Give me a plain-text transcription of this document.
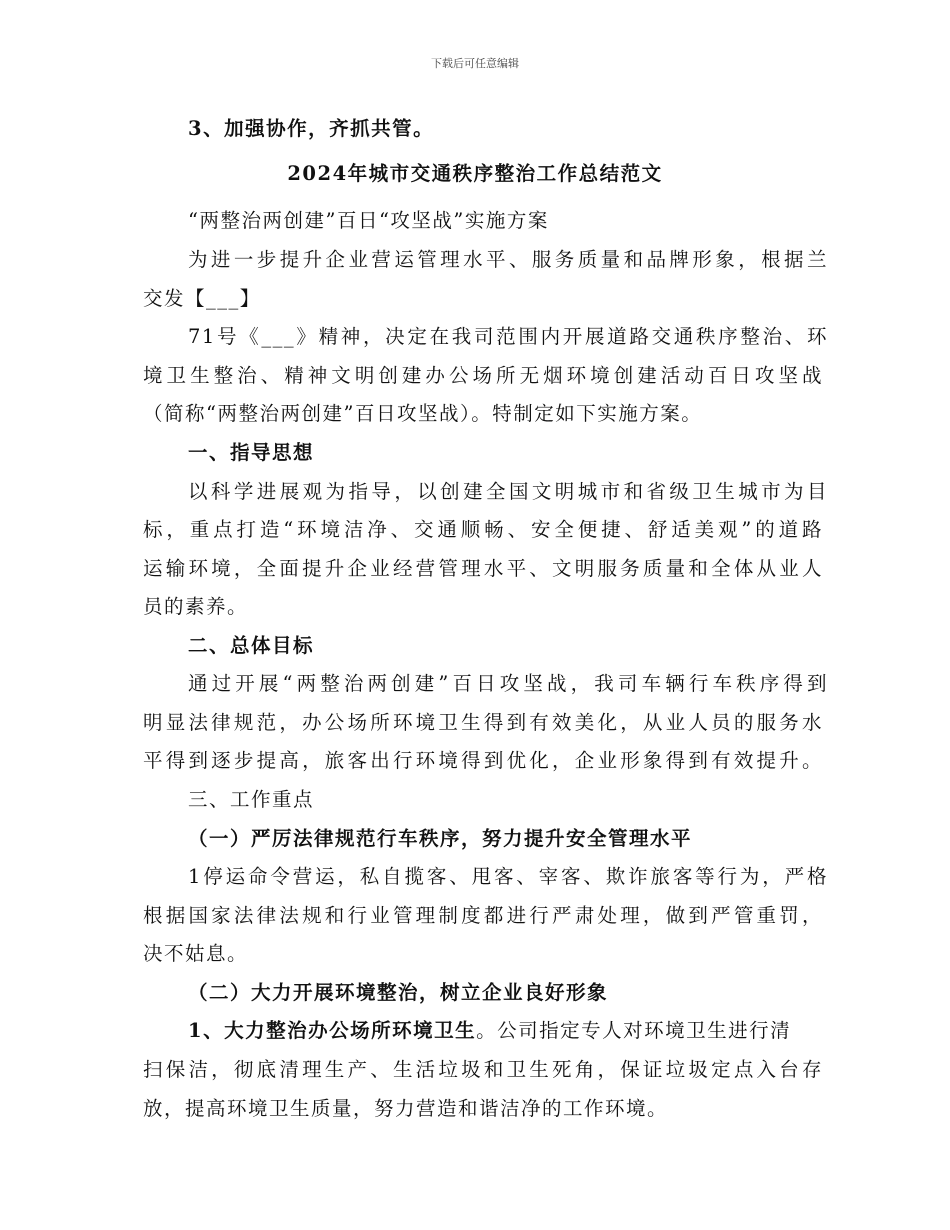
下载后可任意编辑
3、加强协作，齐抓共管。
2024年城市交通秩序整治工作总结范文
“两整治两创建”百日“攻坚战”实施方案
为进一步提升企业营运管理水平、服务质量和品牌形象，根据兰
交发【___】
71号《___》精神，决定在我司范围内开展道路交通秩序整治、环
境卫生整治、精神文明创建办公场所无烟环境创建活动百日攻坚战
（简称“两整治两创建”百日攻坚战）。特制定如下实施方案。
一、指导思想
以科学进展观为指导，以创建全国文明城市和省级卫生城市为目
标，重点打造“环境洁净、交通顺畅、安全便捷、舒适美观”的道路
运输环境，全面提升企业经营管理水平、文明服务质量和全体从业人
员的素养。
二、总体目标
通过开展“两整治两创建”百日攻坚战，我司车辆行车秩序得到
明显法律规范，办公场所环境卫生得到有效美化，从业人员的服务水
平得到逐步提高，旅客出行环境得到优化，企业形象得到有效提升。
三、工作重点
（一）严厉法律规范行车秩序，努力提升安全管理水平
1停运命令营运，私自揽客、甩客、宰客、欺诈旅客等行为，严格
根据国家法律法规和行业管理制度都进行严肃处理，做到严管重罚，
决不姑息。
（二）大力开展环境整治，树立企业良好形象
1、大力整治办公场所环境卫生。公司指定专人对环境卫生进行清
扫保洁，彻底清理生产、生活垃圾和卫生死角，保证垃圾定点入台存
放，提高环境卫生质量，努力营造和谐洁净的工作环境。
